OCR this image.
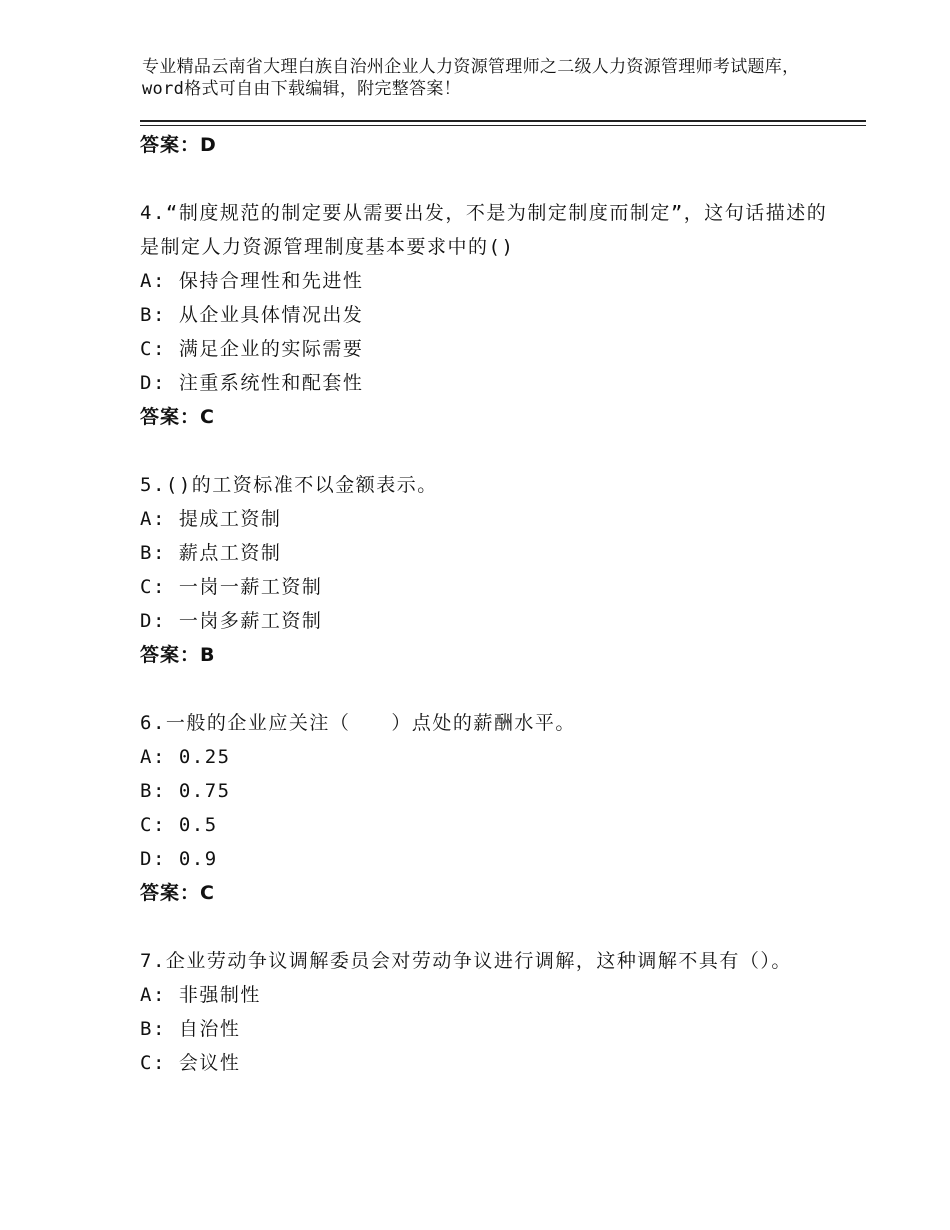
专业精品云南省大理白族自治州企业人力资源管理师之二级人力资源管理师考试题库，word格式可自由下载编辑，附完整答案！
答案：D
4.“制度规范的制定要从需要出发，不是为制定制度而制定”，这句话描述的是制定人力资源管理制度基本要求中的()
A: 保持合理性和先进性
B: 从企业具体情况出发
C: 满足企业的实际需要
D: 注重系统性和配套性
答案：C
5.()的工资标准不以金额表示。
A: 提成工资制
B: 薪点工资制
C: 一岗一薪工资制
D: 一岗多薪工资制
答案：B
6.一般的企业应关注（　　）点处的薪酬水平。
A: 0.25
B: 0.75
C: 0.5
D: 0.9
答案：C
7.企业劳动争议调解委员会对劳动争议进行调解，这种调解不具有（）。
A: 非强制性
B: 自治性
C: 会议性
